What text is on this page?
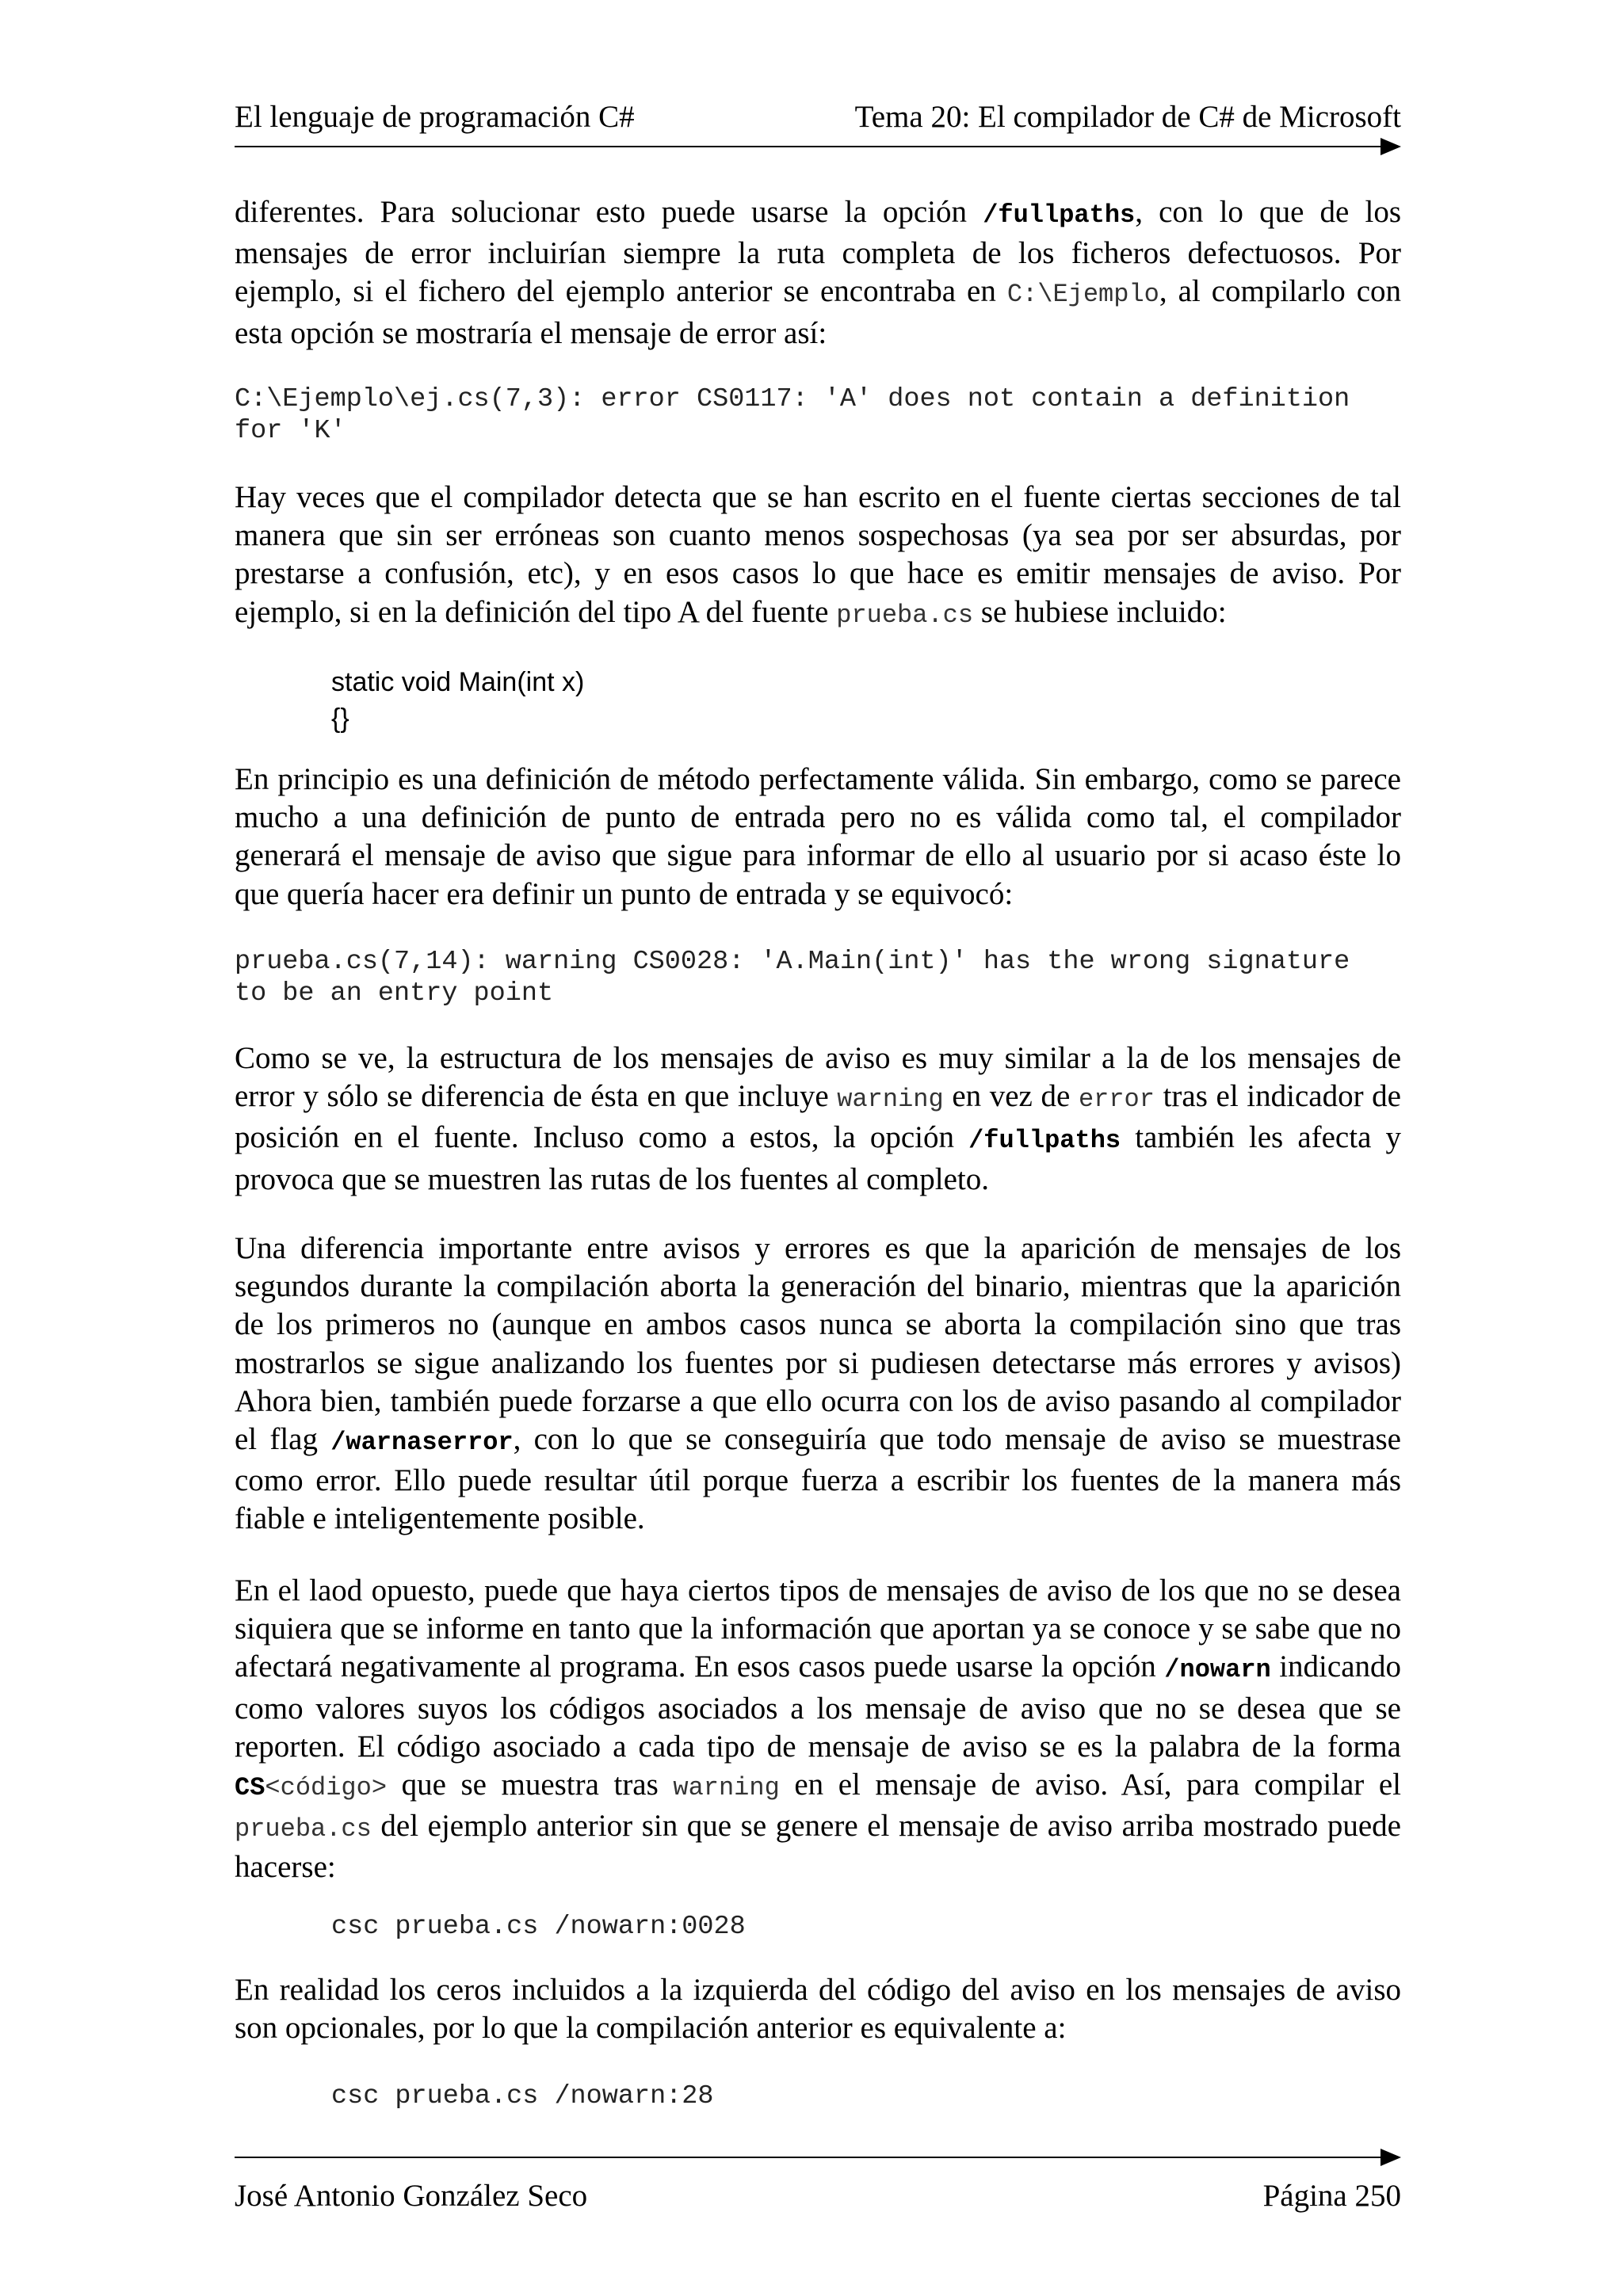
El lenguaje de programación C#	Tema 20: El compilador de C# de Microsoft

diferentes. Para solucionar esto puede usarse la opción /fullpaths, con lo que de los mensajes de error incluirían siempre la ruta completa de los ficheros defectuosos. Por ejemplo, si el fichero del ejemplo anterior se encontraba en C:\Ejemplo, al compilarlo con esta opción se mostraría el mensaje de error así:

C:\Ejemplo\ej.cs(7,3): error CS0117: 'A' does not contain a definition
for 'K'

Hay veces que el compilador detecta que se han escrito en el fuente ciertas secciones de tal manera que sin ser erróneas son cuanto menos sospechosas (ya sea por ser absurdas, por prestarse a confusión, etc), y en esos casos lo que hace es emitir mensajes de aviso. Por ejemplo, si en la definición del tipo A del fuente prueba.cs se hubiese incluido:

static void Main(int x)
{}

En principio es una definición de método perfectamente válida. Sin embargo, como se parece mucho a una definición de punto de entrada pero no es válida como tal, el compilador generará el mensaje de aviso que sigue para informar de ello al usuario por si acaso éste lo que quería hacer era definir un punto de entrada y se equivocó:

prueba.cs(7,14): warning CS0028: 'A.Main(int)' has the wrong signature
to be an entry point

Como se ve, la estructura de los mensajes de aviso es muy similar a la de los mensajes de error y sólo se diferencia de ésta en que incluye warning en vez de error tras el indicador de posición en el fuente. Incluso como a estos, la opción /fullpaths también les afecta y provoca que se muestren las rutas de los fuentes al completo.

Una diferencia importante entre avisos y errores es que la aparición de mensajes de los segundos durante la compilación aborta la generación del binario, mientras que la aparición de los primeros no (aunque en ambos casos nunca se aborta la compilación sino que tras mostrarlos se sigue analizando los fuentes por si pudiesen detectarse más errores y avisos) Ahora bien, también puede forzarse a que ello ocurra con los de aviso pasando al compilador el flag /warnaserror, con lo que se conseguiría que todo mensaje de aviso se muestrase como error. Ello puede resultar útil porque fuerza a escribir los fuentes de la manera más fiable e inteligentemente posible.

En el laod opuesto, puede que haya ciertos tipos de mensajes de aviso de los que no se desea siquiera que se informe en tanto que la información que aportan ya se conoce y se sabe que no afectará negativamente al programa. En esos casos puede usarse la opción /nowarn indicando como valores suyos los códigos asociados a los mensaje de aviso que no se desea que se reporten. El código asociado a cada tipo de mensaje de aviso se es la palabra de la forma CS<código> que se muestra tras warning en el mensaje de aviso. Así, para compilar el prueba.cs del ejemplo anterior sin que se genere el mensaje de aviso arriba mostrado puede hacerse:

csc prueba.cs /nowarn:0028

En realidad los ceros incluidos a la izquierda del código del aviso en los mensajes de aviso son opcionales, por lo que la compilación anterior es equivalente a:

csc prueba.cs /nowarn:28
José Antonio González Seco	Página 250
